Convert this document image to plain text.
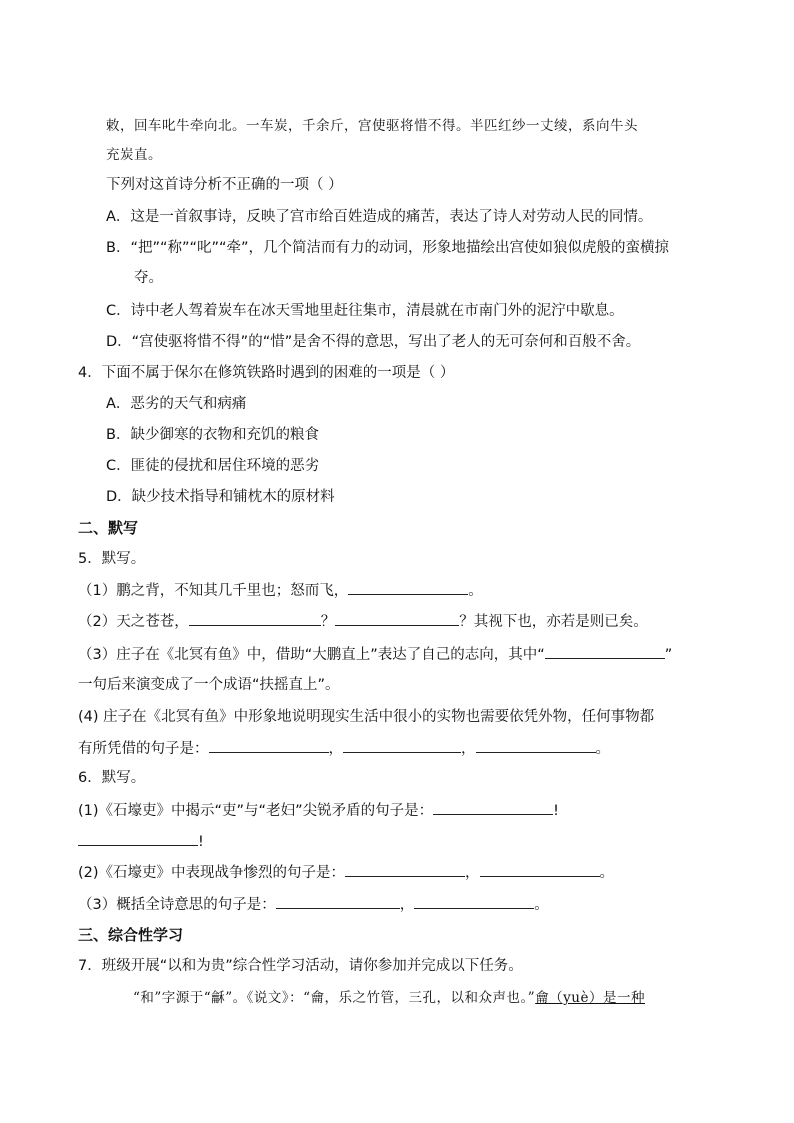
敕，回车叱牛牵向北。一车炭，千余斤，宫使驱将惜不得。半匹红纱一丈绫，系向牛头
充炭直。
下列对这首诗分析不正确的一项（ ）
A．这是一首叙事诗，反映了宫市给百姓造成的痛苦，表达了诗人对劳动人民的同情。
B．“把”“称”“叱”“牵”，几个简洁而有力的动词，形象地描绘出宫使如狼似虎般的蛮横掠
夺。
C．诗中老人驾着炭车在冰天雪地里赶往集市，清晨就在市南门外的泥泞中歇息。
D．“宫使驱将惜不得”的“惜”是舍不得的意思，写出了老人的无可奈何和百般不舍。
4．下面不属于保尔在修筑铁路时遇到的困难的一项是（ ）
A．恶劣的天气和病痛
B．缺少御寒的衣物和充饥的粮食
C．匪徒的侵扰和居住环境的恶劣
D．缺少技术指导和铺枕木的原材料
二、默写
5．默写。
（1）鹏之背，不知其几千里也；怒而飞，	。
（2）天之苍苍，	？	？其视下也，亦若是则已矣。
（3）庄子在《北冥有鱼》中，借助“大鹏直上”表达了自己的志向，其中“	”
一句后来演变成了一个成语“扶摇直上”。
(4) 庄子在《北冥有鱼》中形象地说明现实生活中很小的实物也需要依凭外物，任何事物都
有所凭借的句子是：	，	，	。
6．默写。
(1)《石壕吏》中揭示“吏”与“老妇”尖锐矛盾的句子是：	!
!
(2)《石壕吏》中表现战争惨烈的句子是：	，	。
（3）概括全诗意思的句子是：	，	。
三、综合性学习
7．班级开展“以和为贵”综合性学习活动，请你参加并完成以下任务。
“和”字源于“龢”。《说文》：“龠，乐之竹管，三孔，以和众声也。”龠（yuè）是一种
